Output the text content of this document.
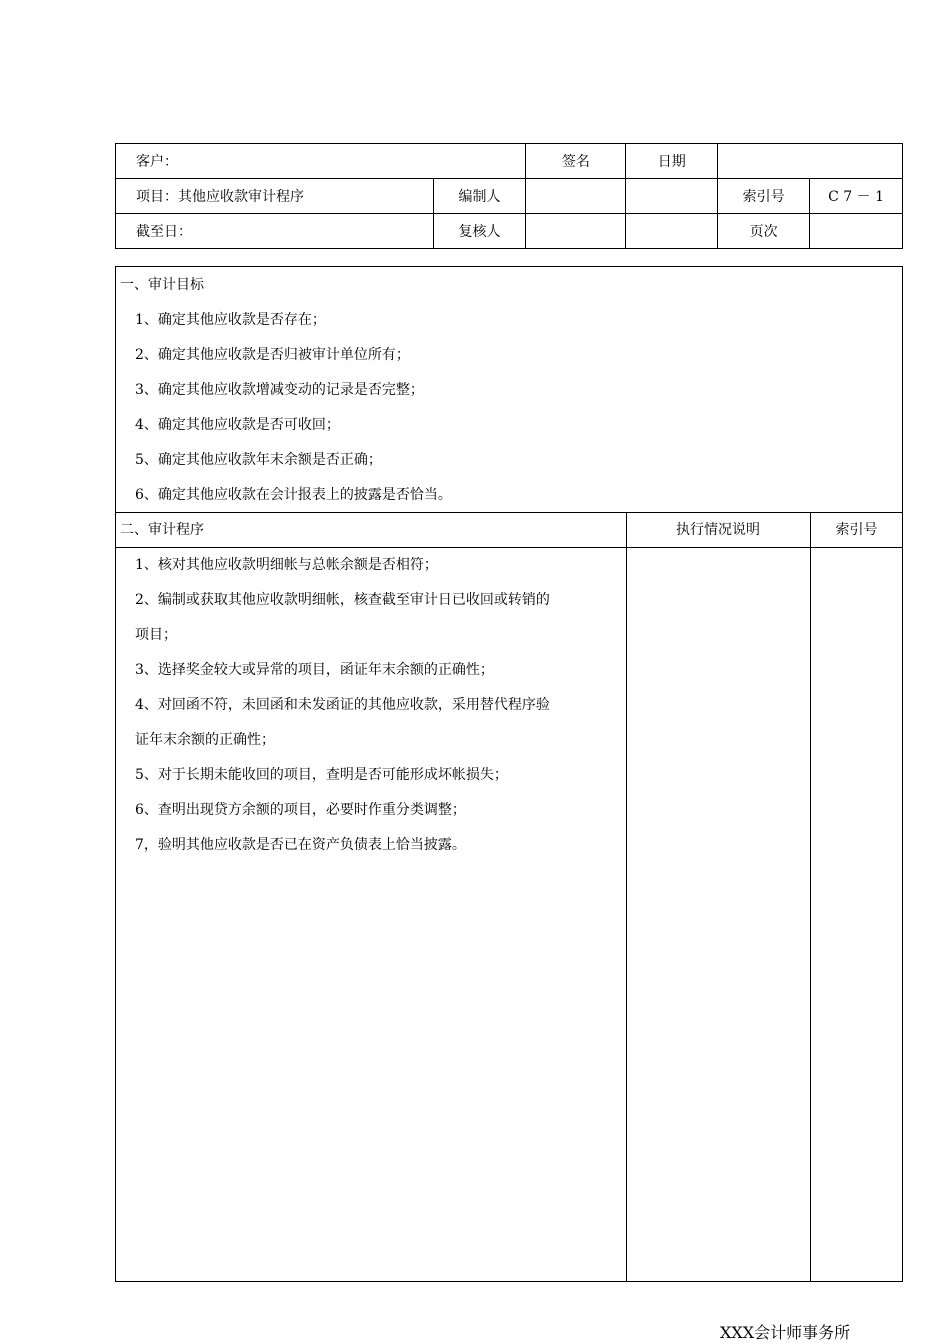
客户：		签名	日期		
项目：其他应收款审计程序	编制人			索引号	C 7 － 1
截至日：	复核人			页次	
一、审计目标
1、确定其他应收款是否存在；
2、确定其他应收款是否归被审计单位所有；
3、确定其他应收款增减变动的记录是否完整；
4、确定其他应收款是否可收回；
5、确定其他应收款年末余额是否正确；
6、确定其他应收款在会计报表上的披露是否恰当。
二、审计程序	执行情况说明	索引号
1、核对其他应收款明细帐与总帐余额是否相符；
2、编制或获取其他应收款明细帐，核查截至审计日已收回或转销的
项目；
3、选择奖金较大或异常的项目，函证年末余额的正确性；
4、对回函不符，未回函和未发函证的其他应收款，采用替代程序验
证年末余额的正确性；
5、对于长期未能收回的项目，查明是否可能形成坏帐损失；
6、查明出现贷方余额的项目，必要时作重分类调整；
7，验明其他应收款是否已在资产负债表上恰当披露。
XXX会计师事务所
